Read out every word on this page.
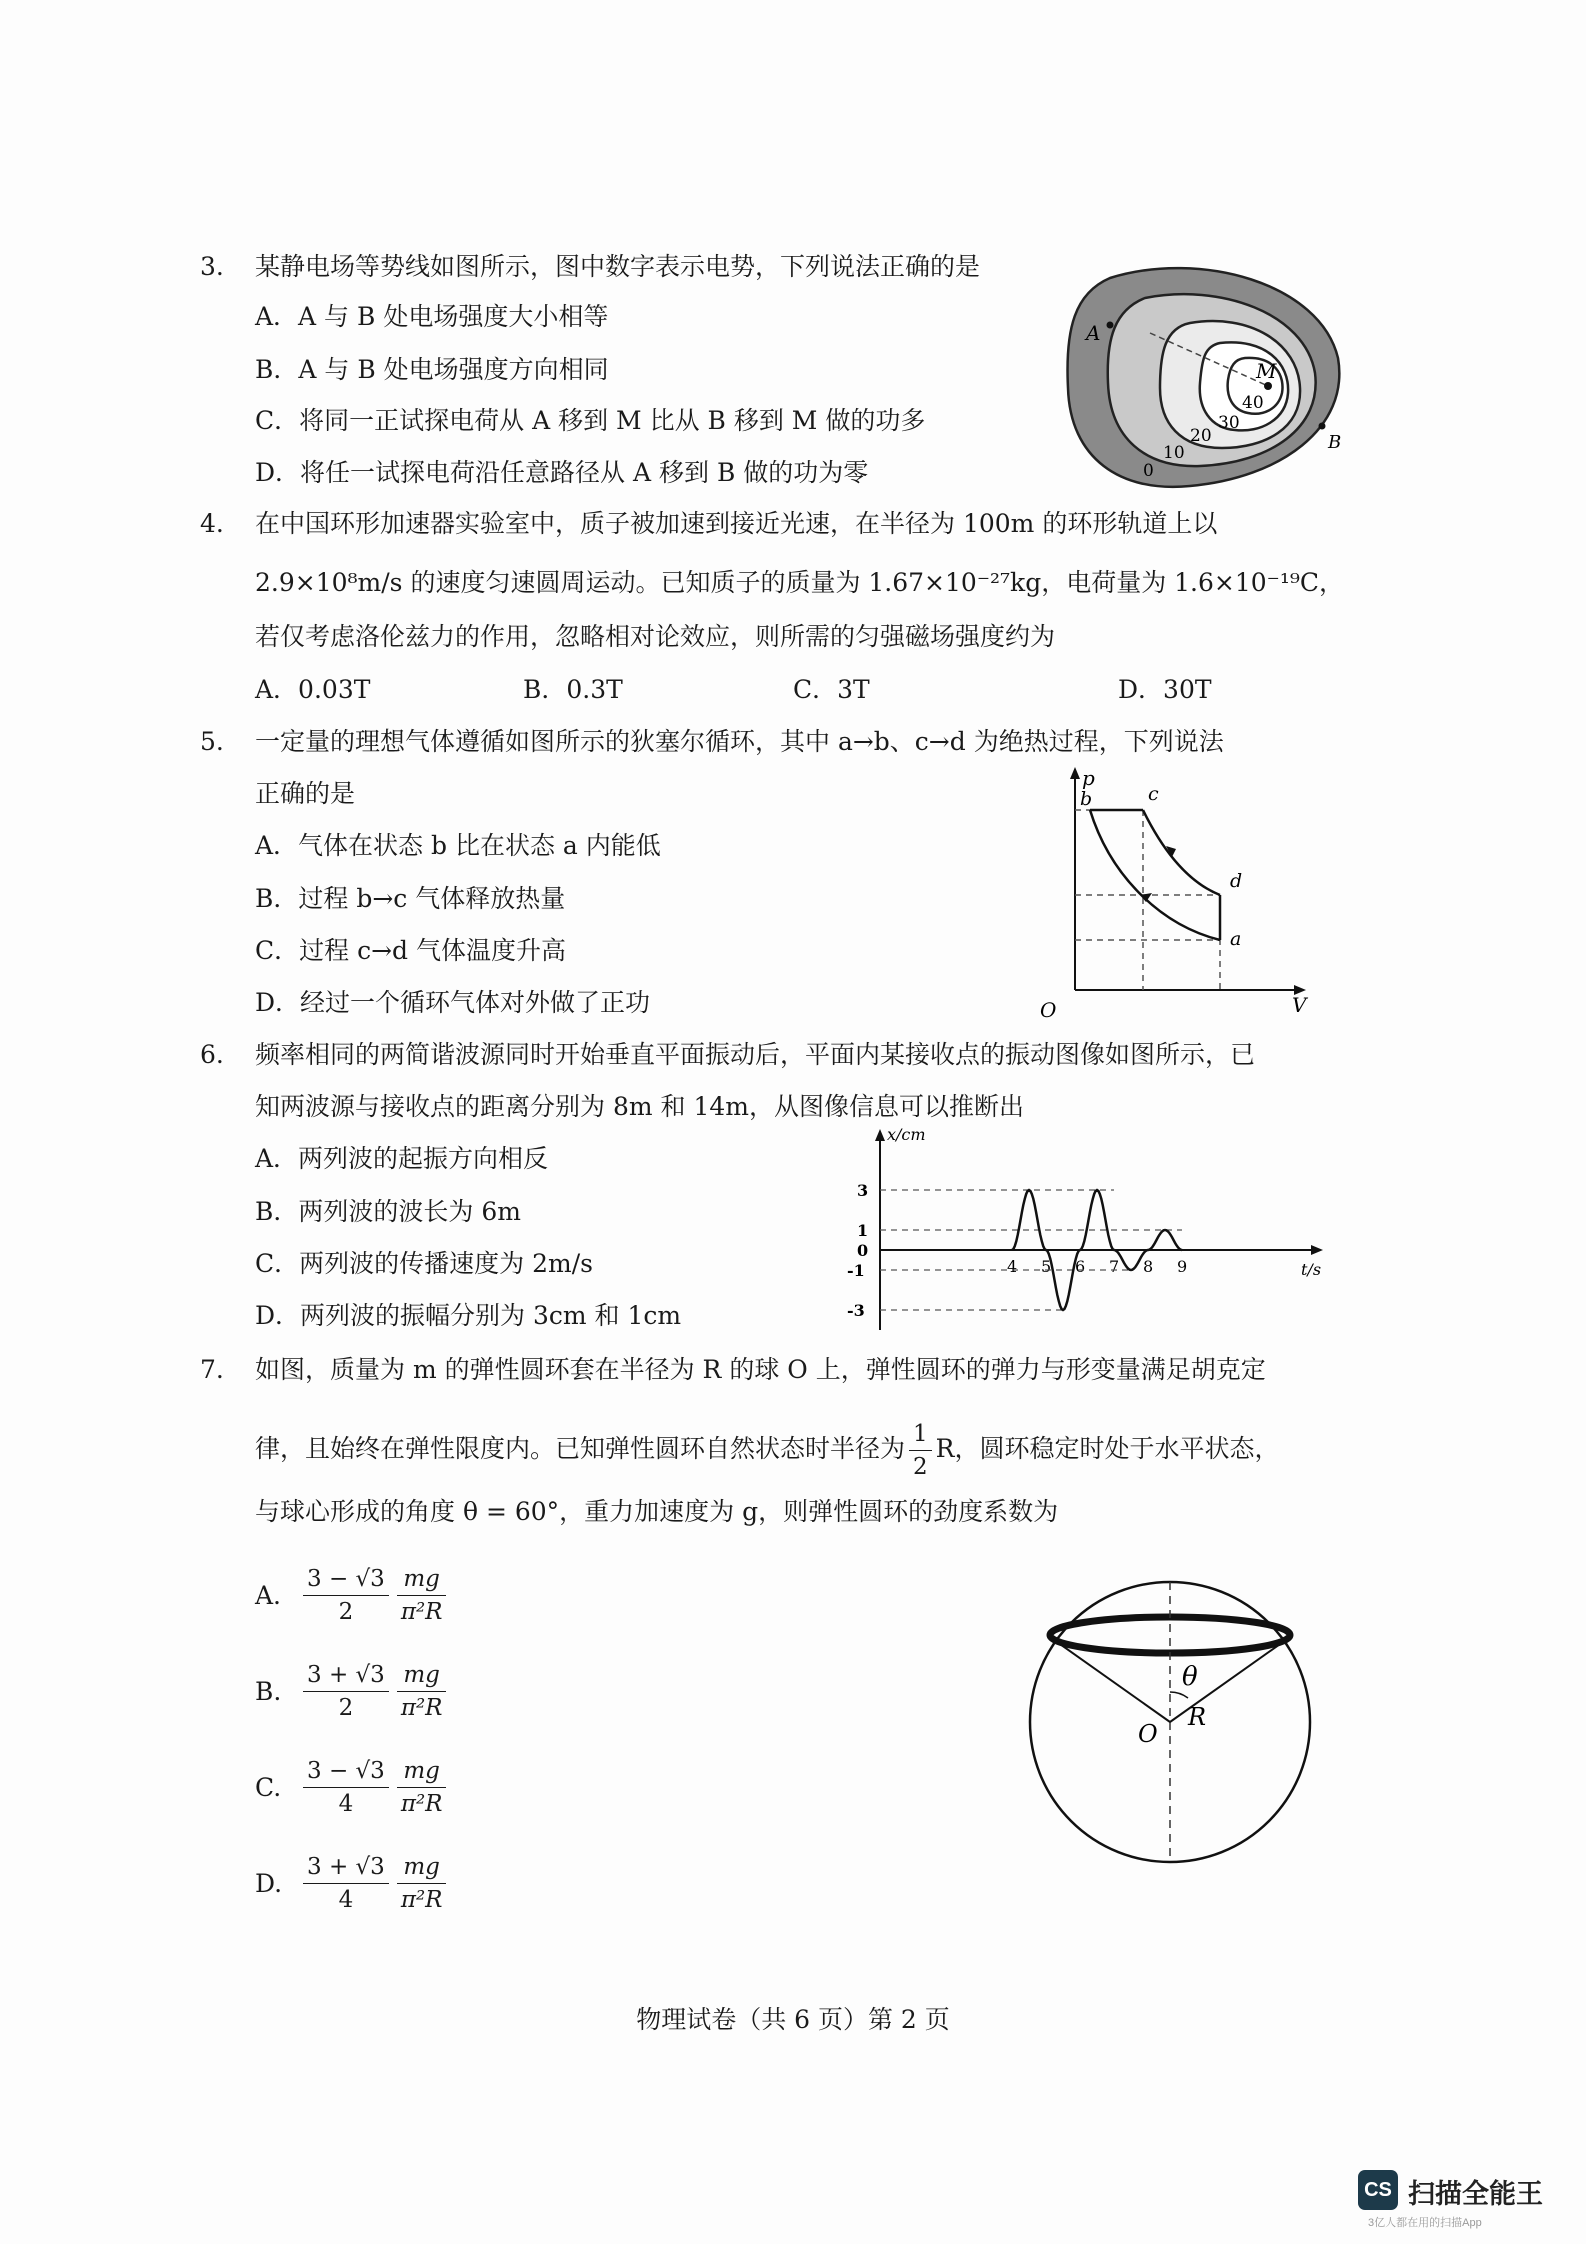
3. 某静电场等势线如图所示，图中数字表示电势，下列说法正确的是
A．A 与 B 处电场强度大小相等
B．A 与 B 处电场强度方向相同
C．将同一正试探电荷从 A 移到 M 比从 B 移到 M 做的功多
D．将任一试探电荷沿任意路径从 A 移到 B 做的功为零
A
M
B
0
10
20
30
40
4. 在中国环形加速器实验室中，质子被加速到接近光速，在半径为 100m 的环形轨道上以
2.9×10⁸m/s 的速度匀速圆周运动。已知质子的质量为 1.67×10⁻²⁷kg，电荷量为 1.6×10⁻¹⁹C，
若仅考虑洛伦兹力的作用，忽略相对论效应，则所需的匀强磁场强度约为
A．0.03T	B．0.3T	C．3T	D．30T
5. 一定量的理想气体遵循如图所示的狄塞尔循环，其中 a→b、c→d 为绝热过程，下列说法
正确的是
A．气体在状态 b 比在状态 a 内能低
B．过程 b→c 气体释放热量
C．过程 c→d 气体温度升高
D．经过一个循环气体对外做了正功
p
V
O
b	c
d
a
6. 频率相同的两简谐波源同时开始垂直平面振动后，平面内某接收点的振动图像如图所示，已
知两波源与接收点的距离分别为 8m 和 14m，从图像信息可以推断出
A．两列波的起振方向相反
B．两列波的波长为 6m
C．两列波的传播速度为 2m/s
D．两列波的振幅分别为 3cm 和 1cm
x/cm
t/s
4 5 6 7 8 9
3
1
0
-1
-3
7. 如图，质量为 m 的弹性圆环套在半径为 R 的球 O 上，弹性圆环的弹力与形变量满足胡克定
律，且始终在弹性限度内。已知弹性圆环自然状态时半径为 $\frac{1}{2}$ R，圆环稳定时处于水平状态，
与球心形成的角度 θ = 60°，重力加速度为 g，则弹性圆环的劲度系数为
A. $\frac{3 - √3}{2} \frac{mg}{\text{π²R}}$
B. $\frac{3 + √3}{2} \frac{mg}{\text{π²R}}$
C. $\frac{3 - √3}{4} \frac{mg}{\text{π²R}}$
D. $\frac{3 + √3}{4} \frac{mg}{\text{π²R}}$
θ
R
O
物理试卷（共 6 页）第 2 页
CS 扫描全能王
3亿人都在用的扫描App
